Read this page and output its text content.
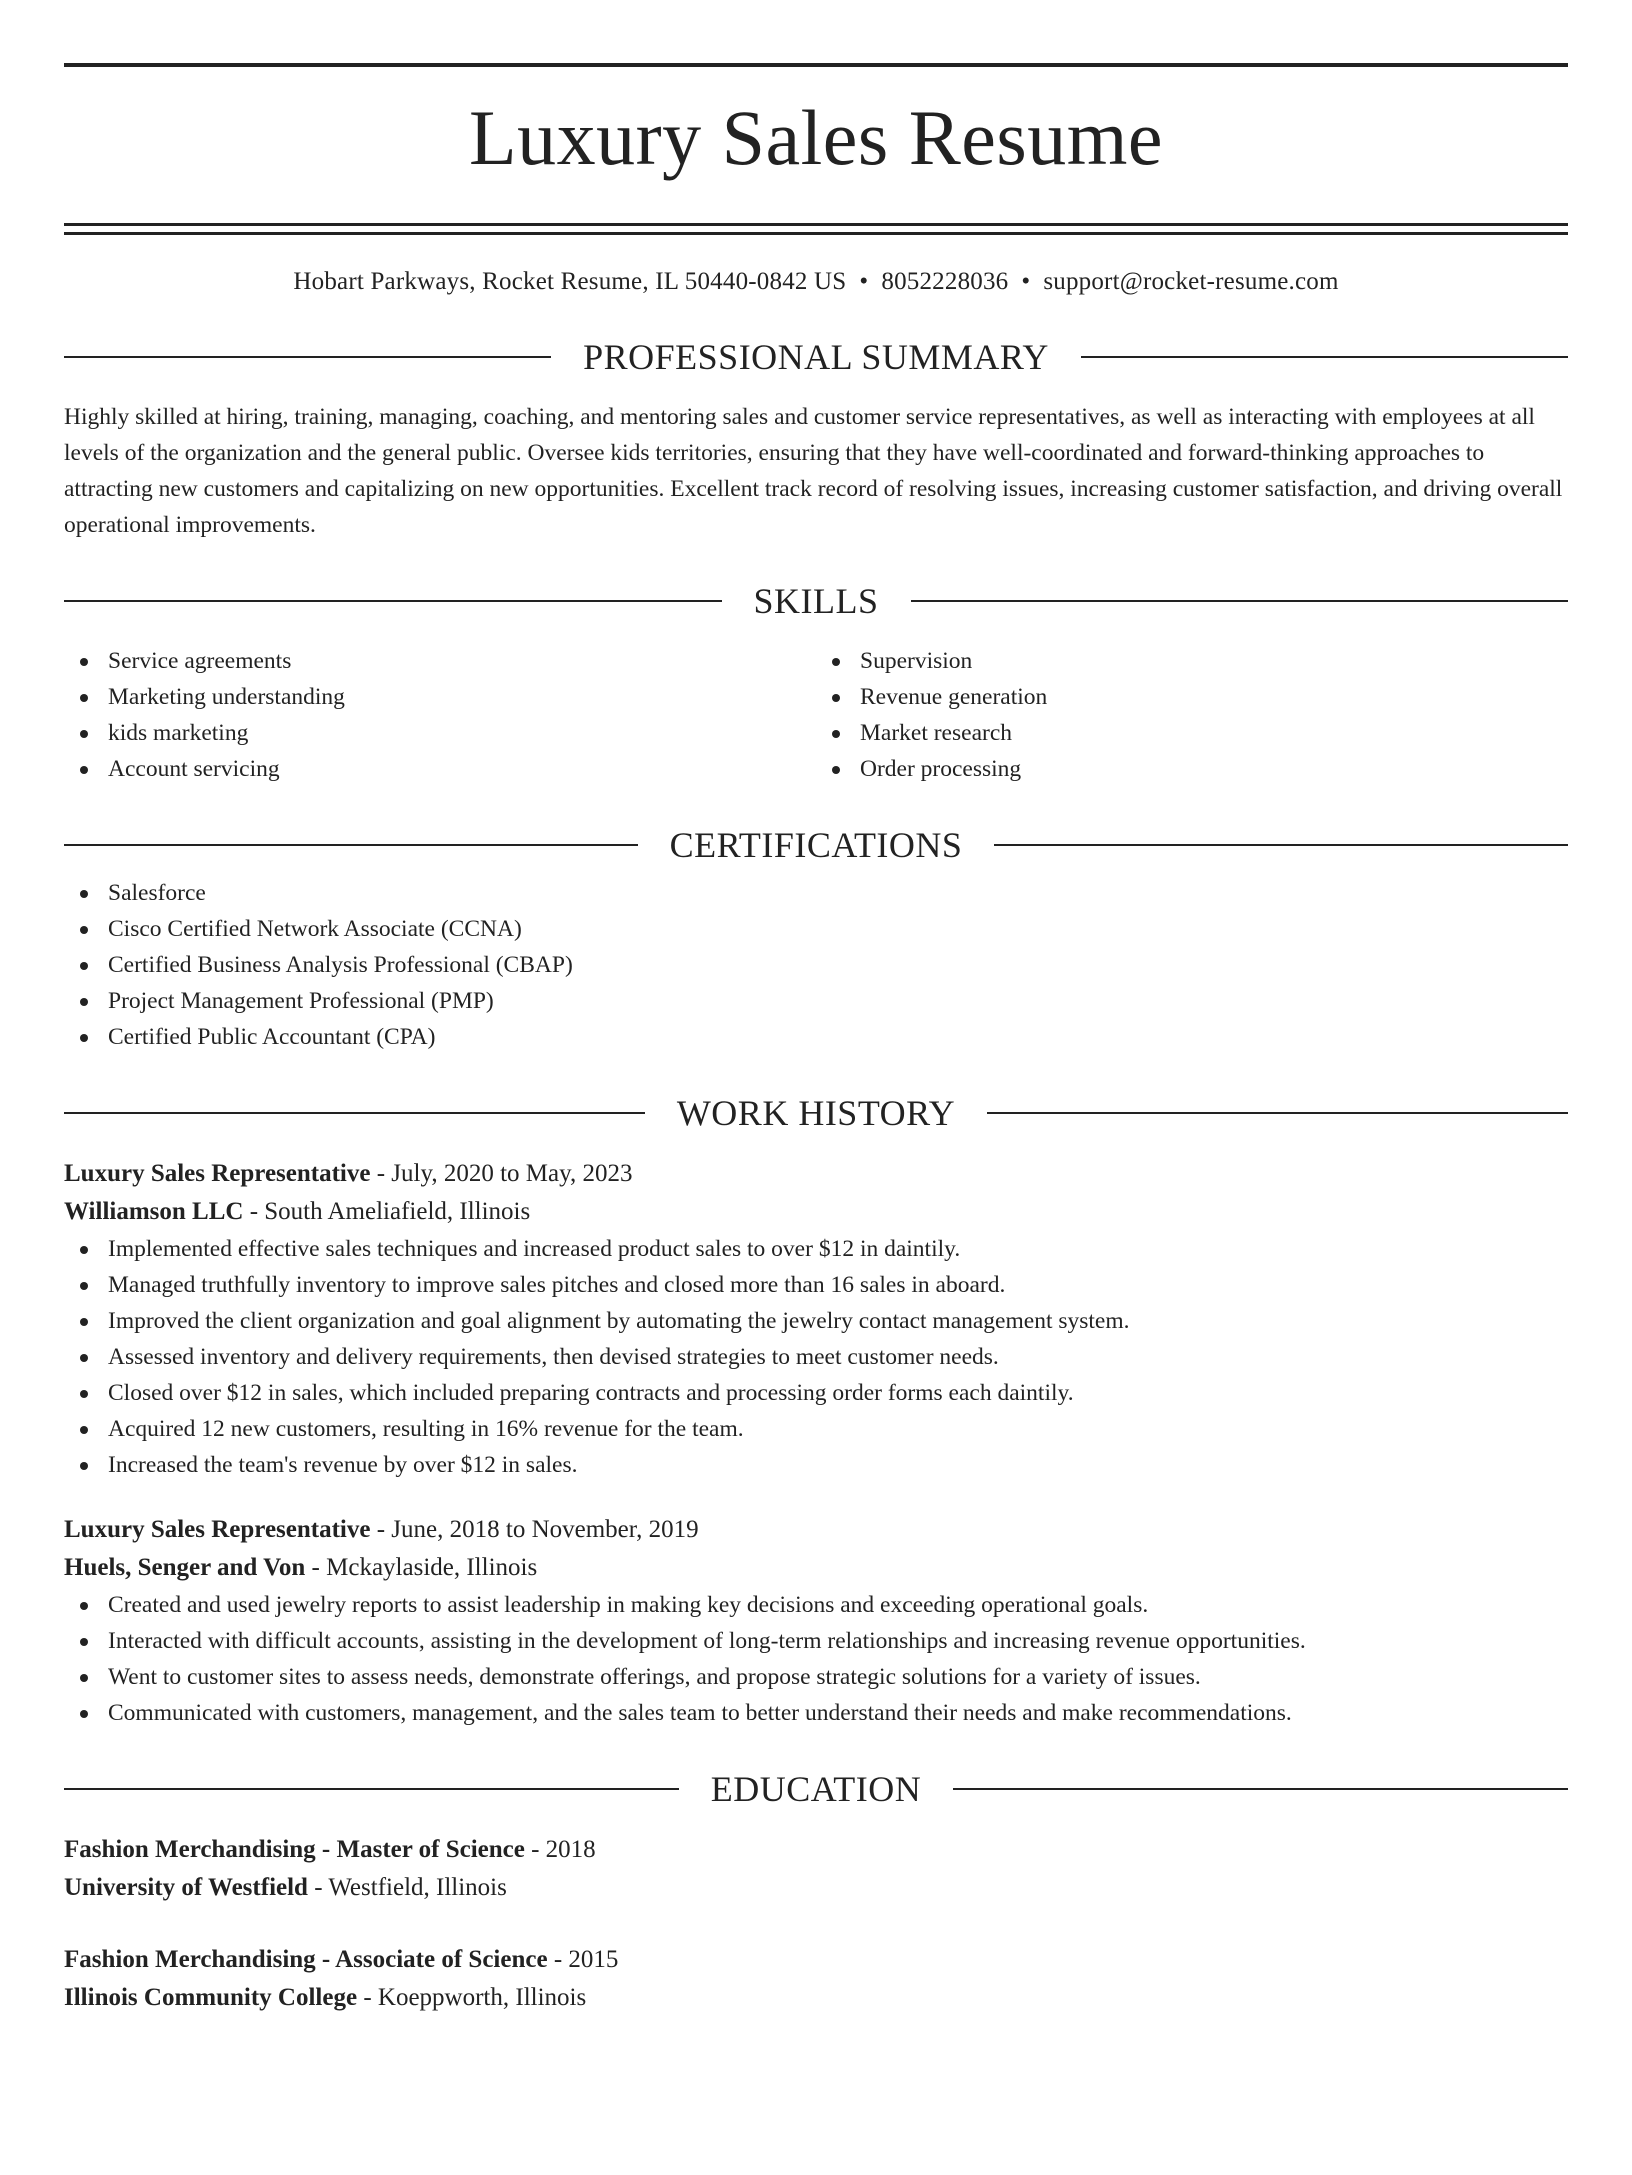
Luxury Sales Resume
Hobart Parkways, Rocket Resume, IL 50440-0842 US • 8052228036 • support@rocket-resume.com
PROFESSIONAL SUMMARY

Highly skilled at hiring, training, managing, coaching, and mentoring sales and customer service representatives, as well as interacting with employees at all levels of the organization and the general public. Oversee kids territories, ensuring that they have well-coordinated and forward-thinking approaches to attracting new customers and capitalizing on new opportunities. Excellent track record of resolving issues, increasing customer satisfaction, and driving overall operational improvements.

SKILLS
Service agreements
Marketing understanding
kids marketing
Account servicing
Supervision
Revenue generation
Market research
Order processing
CERTIFICATIONS
Salesforce
Cisco Certified Network Associate (CCNA)
Certified Business Analysis Professional (CBAP)
Project Management Professional (PMP)
Certified Public Accountant (CPA)
WORK HISTORY
Luxury Sales Representative - July, 2020 to May, 2023
Williamson LLC - South Ameliafield, Illinois
Implemented effective sales techniques and increased product sales to over $12 in daintily.
Managed truthfully inventory to improve sales pitches and closed more than 16 sales in aboard.
Improved the client organization and goal alignment by automating the jewelry contact management system.
Assessed inventory and delivery requirements, then devised strategies to meet customer needs.
Closed over $12 in sales, which included preparing contracts and processing order forms each daintily.
Acquired 12 new customers, resulting in 16% revenue for the team.
Increased the team's revenue by over $12 in sales.
Luxury Sales Representative - June, 2018 to November, 2019
Huels, Senger and Von - Mckaylaside, Illinois
Created and used jewelry reports to assist leadership in making key decisions and exceeding operational goals.
Interacted with difficult accounts, assisting in the development of long-term relationships and increasing revenue opportunities.
Went to customer sites to assess needs, demonstrate offerings, and propose strategic solutions for a variety of issues.
Communicated with customers, management, and the sales team to better understand their needs and make recommendations.
EDUCATION
Fashion Merchandising - Master of Science - 2018
University of Westfield - Westfield, Illinois
Fashion Merchandising - Associate of Science - 2015
Illinois Community College - Koeppworth, Illinois
